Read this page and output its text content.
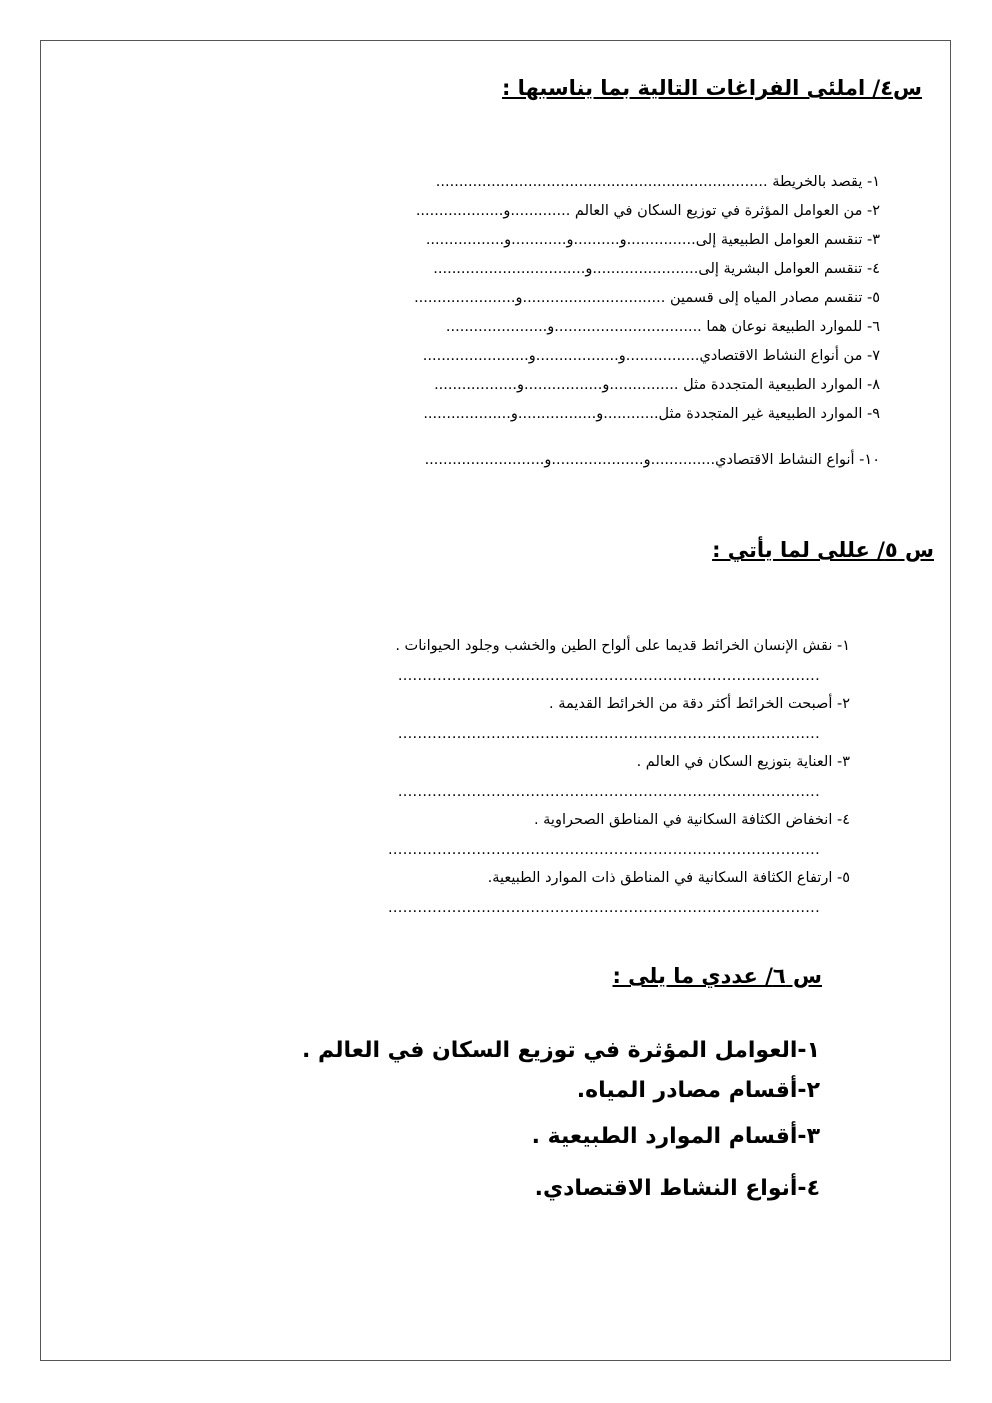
س٤/ املئى الفراغات التالية بما يناسبها :
١- يقصد بالخريطة ........................................................................
٢- من العوامل المؤثرة في توزيع السكان في العالم .............و...................
٣- تنقسم العوامل الطبيعية إلى...............و..........و............و.................
٤- تنقسم العوامل البشرية إلى.......................و.................................
٥- تنقسم مصادر المياه إلى قسمين ...............................و......................
٦- للموارد الطبيعة نوعان هما ................................و......................
٧- من أنواع النشاط الاقتصادي................و..................و.......................
٨- الموارد الطبيعية المتجددة مثل ...............و.................و..................
٩- الموارد الطبيعية غير المتجددة مثل............و.................و...................
١٠- أنواع النشاط الاقتصادي..............و....................و..........................
س ٥/ عللى لما يأتي :
١- نقش الإنسان الخرائط قديما على ألواح الطين والخشب وجلود الحيوانات .
......................................................................................
٢- أصبحت الخرائط أكثر دقة من الخرائط القديمة .
......................................................................................
٣- العناية بتوزيع السكان في العالم .
......................................................................................
٤- انخفاض الكثافة السكانية في المناطق الصحراوية .
........................................................................................
٥- ارتفاع الكثافة السكانية في المناطق ذات الموارد الطبيعية.
........................................................................................
س ٦/ عددي ما يلى :
١-العوامل المؤثرة في توزيع السكان في العالم .
٢-أقسام مصادر المياه.
٣-أقسام الموارد الطبيعية .
٤-أنواع النشاط الاقتصادي.
